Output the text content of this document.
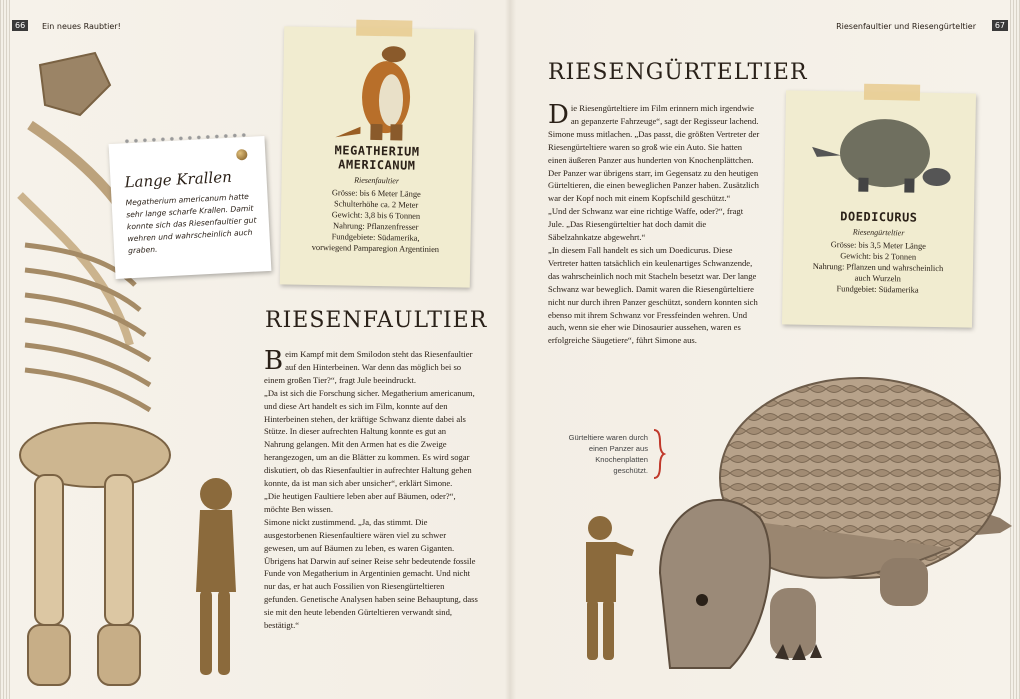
66	Ein neues Raubtier!	Riesenfaultier und Riesengürteltier	67
Lange Krallen
Megatherium americanum hatte sehr lange scharfe Krallen. Damit konnte sich das Riesenfaultier gut wehren und wahrscheinlich auch graben.
MEGATHERIUM
AMERICANUM
Riesenfaultier
Grösse: bis 6 Meter Länge
Schulterhöhe ca. 2 Meter
Gewicht: 3,8 bis 6 Tonnen
Nahrung: Pflanzenfresser
Fundgebiete: Südamerika,
vorwiegend Pamparegion Argentinien
RIESENFAULTIER

Beim Kampf mit dem Smilodon steht das Riesenfaultier auf den Hinterbeinen. War denn das möglich bei so einem großen Tier?“, fragt Jule beeindruckt.

„Da ist sich die Forschung sicher. Megatherium americanum, und diese Art handelt es sich im Film, konnte auf den Hinterbeinen stehen, der kräftige Schwanz diente dabei als Stütze. In dieser aufrechten Haltung konnte es gut an Nahrung gelangen. Mit den Armen hat es die Zweige herangezogen, um an die Blätter zu kommen. Es wird sogar diskutiert, ob das Riesenfaultier in aufrechter Haltung gehen konnte, da ist man sich aber unsicher“, erklärt Simone.

„Die heutigen Faultiere leben aber auf Bäumen, oder?“, möchte Ben wissen.

Simone nickt zustimmend. „Ja, das stimmt. Die ausgestorbenen Riesenfaultiere wären viel zu schwer gewesen, um auf Bäumen zu leben, es waren Giganten. Übrigens hat Darwin auf seiner Reise sehr bedeutende fossile Funde von Megatherium in Argentinien gemacht. Und nicht nur das, er hat auch Fossilien von Riesengürteltieren gefunden. Genetische Analysen haben seine Behauptung, dass sie mit den heute lebenden Gürteltieren verwandt sind, bestätigt.“

RIESENGÜRTELTIER

Die Riesengürteltiere im Film erinnern mich irgendwie an gepanzerte Fahrzeuge“, sagt der Regisseur lachend.

Simone muss mitlachen. „Das passt, die größten Vertreter der Riesengürteltiere waren so groß wie ein Auto. Sie hatten einen äußeren Panzer aus hunderten von Knochenplättchen. Der Panzer war übrigens starr, im Gegensatz zu den heutigen Gürteltieren, die einen beweglichen Panzer haben. Zusätzlich war der Kopf noch mit einem Kopfschild geschützt.“

„Und der Schwanz war eine richtige Waffe, oder?“, fragt Jule. „Das Riesengürteltier hat doch damit die Säbelzahnkatze abgewehrt.“

„In diesem Fall handelt es sich um Doedicurus. Diese Vertreter hatten tatsächlich ein keulenartiges Schwanzende, das wahrscheinlich noch mit Stacheln besetzt war. Der lange Schwanz war beweglich. Damit waren die Riesengürteltiere nicht nur durch ihren Panzer geschützt, sondern konnten sich ebenso mit ihrem Schwanz vor Fressfeinden wehren. Und auch, wenn sie eher wie Dinosaurier aussehen, waren es erfolgreiche Säugetiere“, führt Simone aus.

DOEDICURUS
Riesengürteltier
Grösse: bis 3,5 Meter Länge
Gewicht: bis 2 Tonnen
Nahrung: Pflanzen und wahrscheinlich
auch Wurzeln
Fundgebiet: Südamerika
Gürteltiere waren durch einen Panzer aus Knochenplatten geschützt.
